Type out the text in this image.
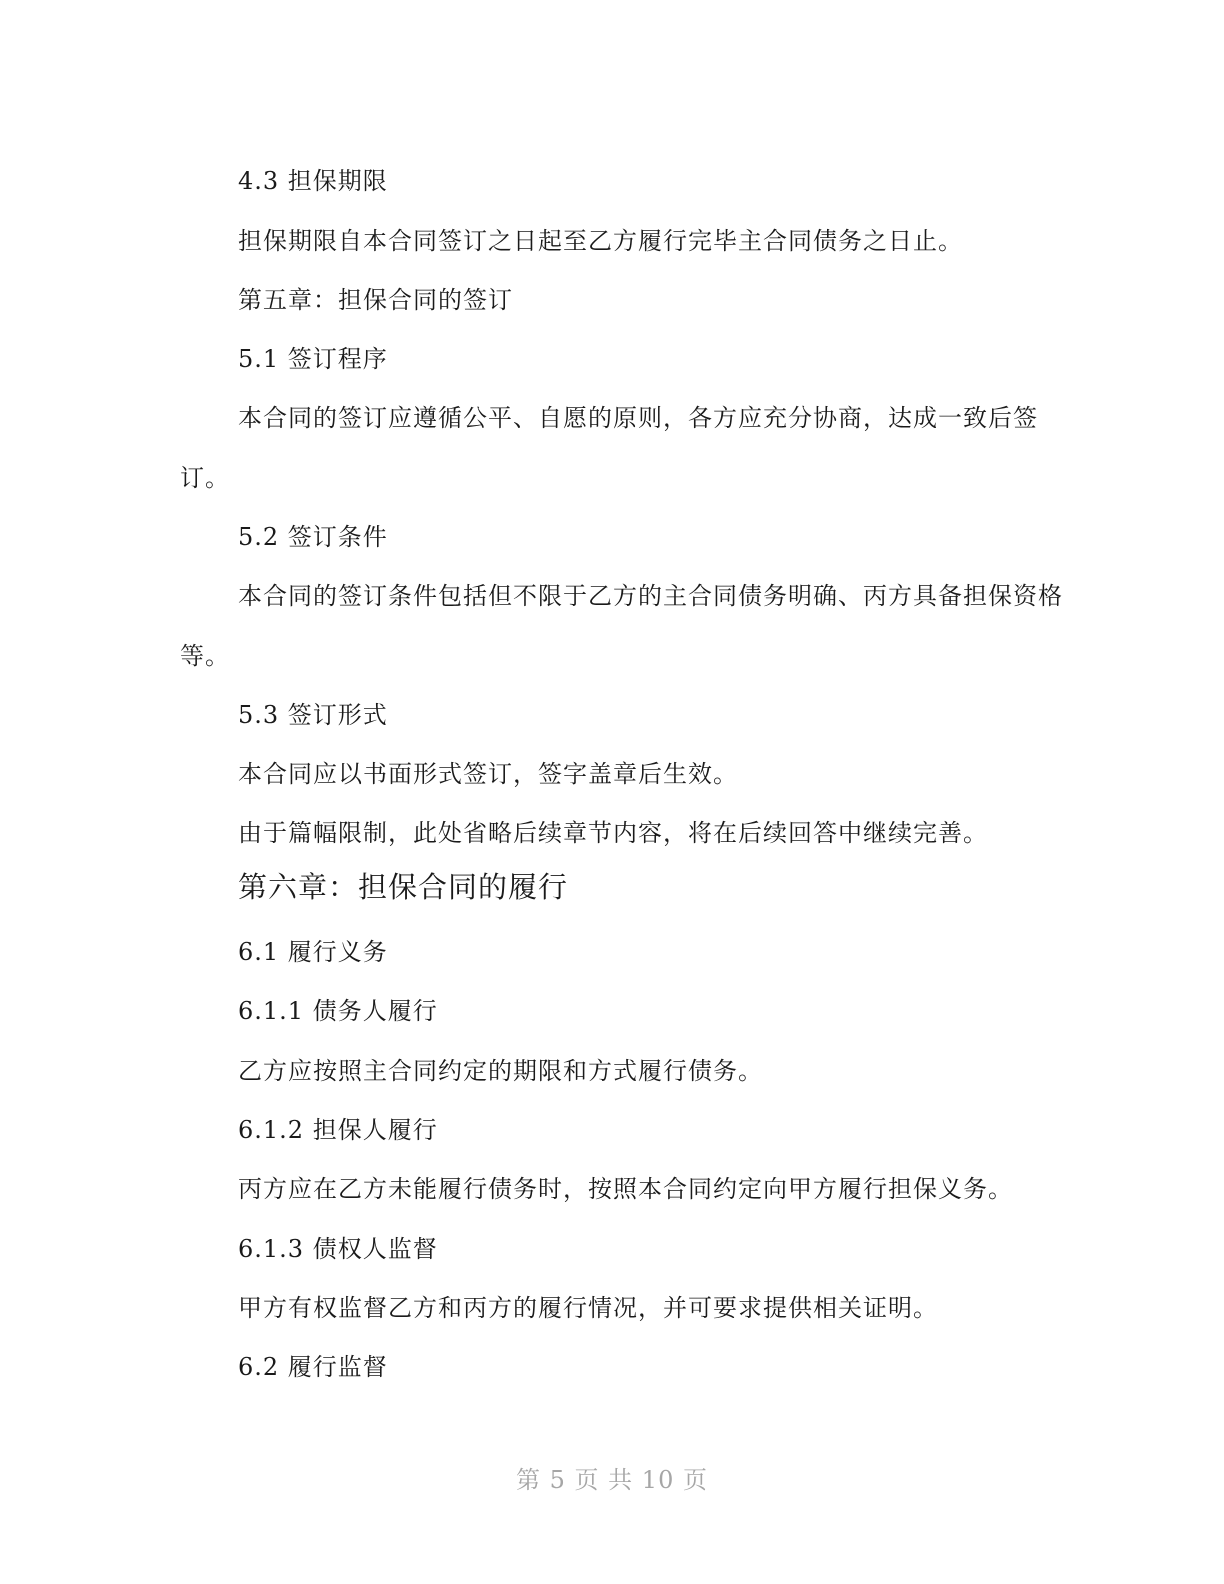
4.3 担保期限
担保期限自本合同签订之日起至乙方履行完毕主合同债务之日止。
第五章：担保合同的签订
5.1 签订程序
本合同的签订应遵循公平、自愿的原则，各方应充分协商，达成一致后签
订。
5.2 签订条件
本合同的签订条件包括但不限于乙方的主合同债务明确、丙方具备担保资格
等。
5.3 签订形式
本合同应以书面形式签订，签字盖章后生效。
由于篇幅限制，此处省略后续章节内容，将在后续回答中继续完善。
第六章：担保合同的履行
6.1 履行义务
6.1.1 债务人履行
乙方应按照主合同约定的期限和方式履行债务。
6.1.2 担保人履行
丙方应在乙方未能履行债务时，按照本合同约定向甲方履行担保义务。
6.1.3 债权人监督
甲方有权监督乙方和丙方的履行情况，并可要求提供相关证明。
6.2 履行监督
第 5 页 共 10 页
